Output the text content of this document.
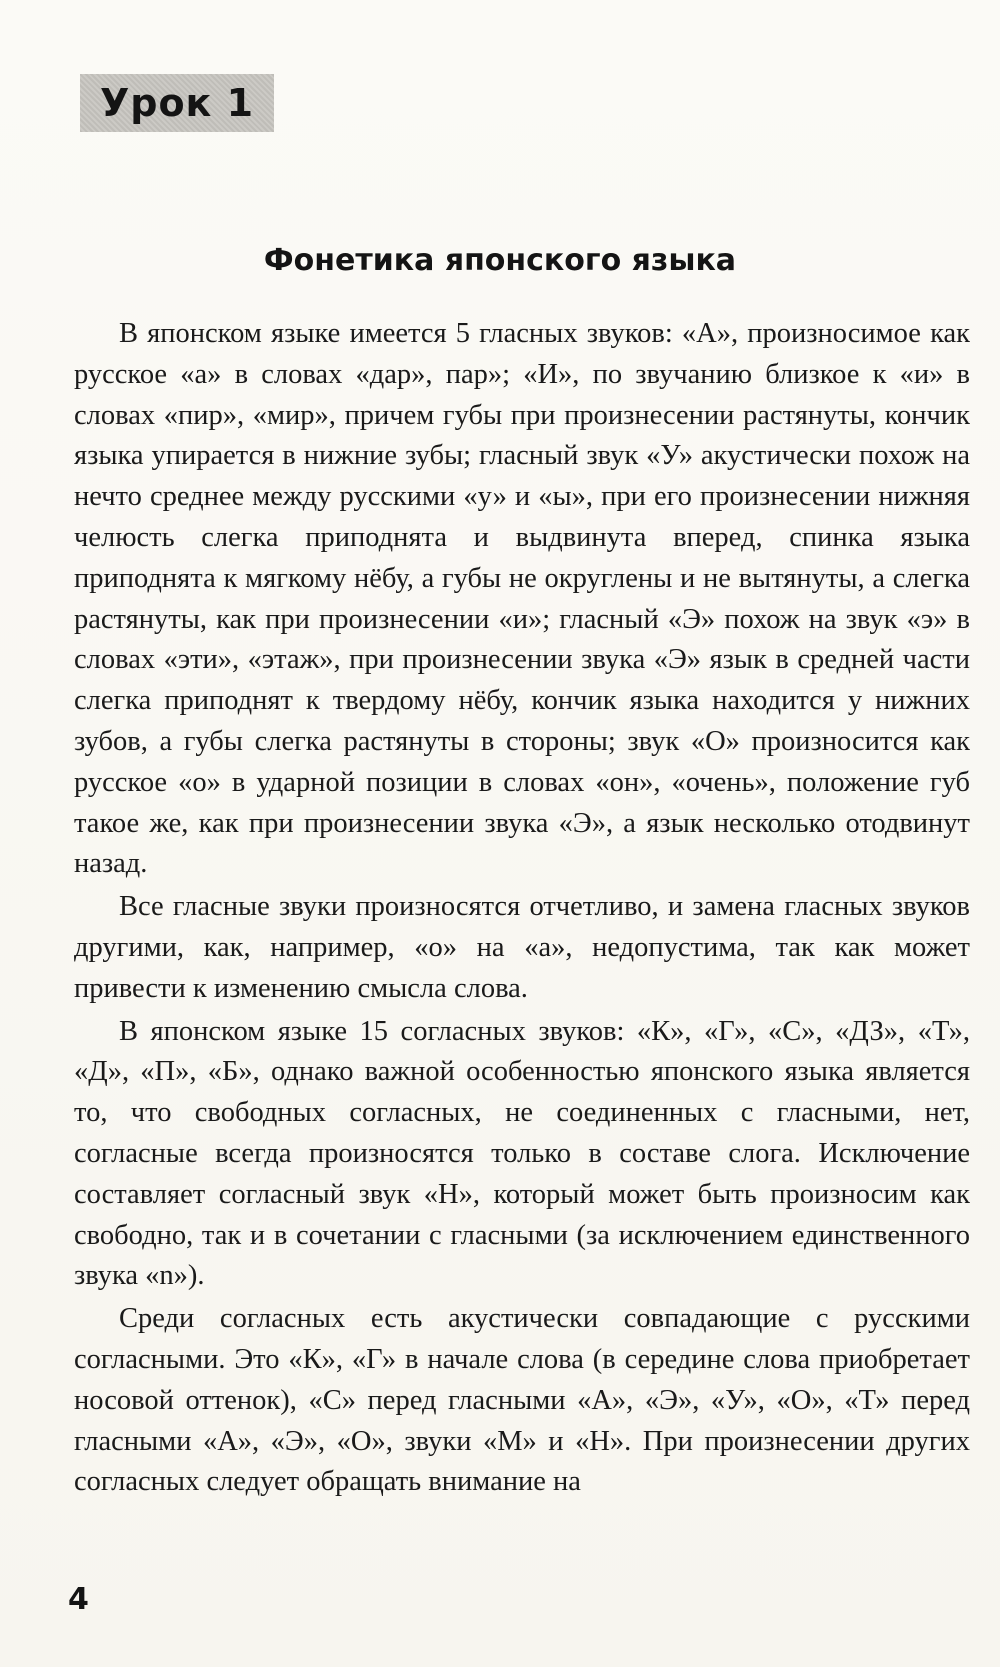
Урок 1
Фонетика японского языка

В японском языке имеется 5 гласных звуков: «А», произносимое как русское «а» в словах «дар», пар»; «И», по звучанию близкое к «и» в словах «пир», «мир», причем губы при произнесении растянуты, кончик языка упирается в нижние зубы; гласный звук «У» акустически похож на нечто среднее между русскими «у» и «ы», при его произнесении нижняя челюсть слегка приподнята и выдвинута вперед, спинка языка приподнята к мягкому нёбу, а губы не округлены и не вытянуты, а слегка растянуты, как при произнесении «и»; гласный «Э» похож на звук «э» в словах «эти», «этаж», при произнесении звука «Э» язык в средней части слегка приподнят к твердому нёбу, кончик языка находится у нижних зубов, а губы слегка растянуты в стороны; звук «О» произносится как русское «о» в ударной позиции в словах «он», «очень», положение губ такое же, как при произнесении звука «Э», а язык несколько отодвинут назад.

Все гласные звуки произносятся отчетливо, и замена гласных звуков другими, как, например, «о» на «а», недопустима, так как может привести к изменению смысла слова.

В японском языке 15 согласных звуков: «К», «Г», «С», «ДЗ», «Т», «Д», «П», «Б», однако важной особенностью японского языка является то, что свободных согласных, не соединенных с гласными, нет, согласные всегда произносятся только в составе слога. Исключение составляет согласный звук «Н», который может быть произносим как свободно, так и в сочетании с гласными (за исключением единственного звука «n»).

Среди согласных есть акустически совпадающие с русскими согласными. Это «К», «Г» в начале слова (в середине слова приобретает носовой оттенок), «С» перед гласными «А», «Э», «У», «О», «Т» перед гласными «А», «Э», «О», звуки «М» и «Н». При произнесении других согласных следует обращать внимание на

4
